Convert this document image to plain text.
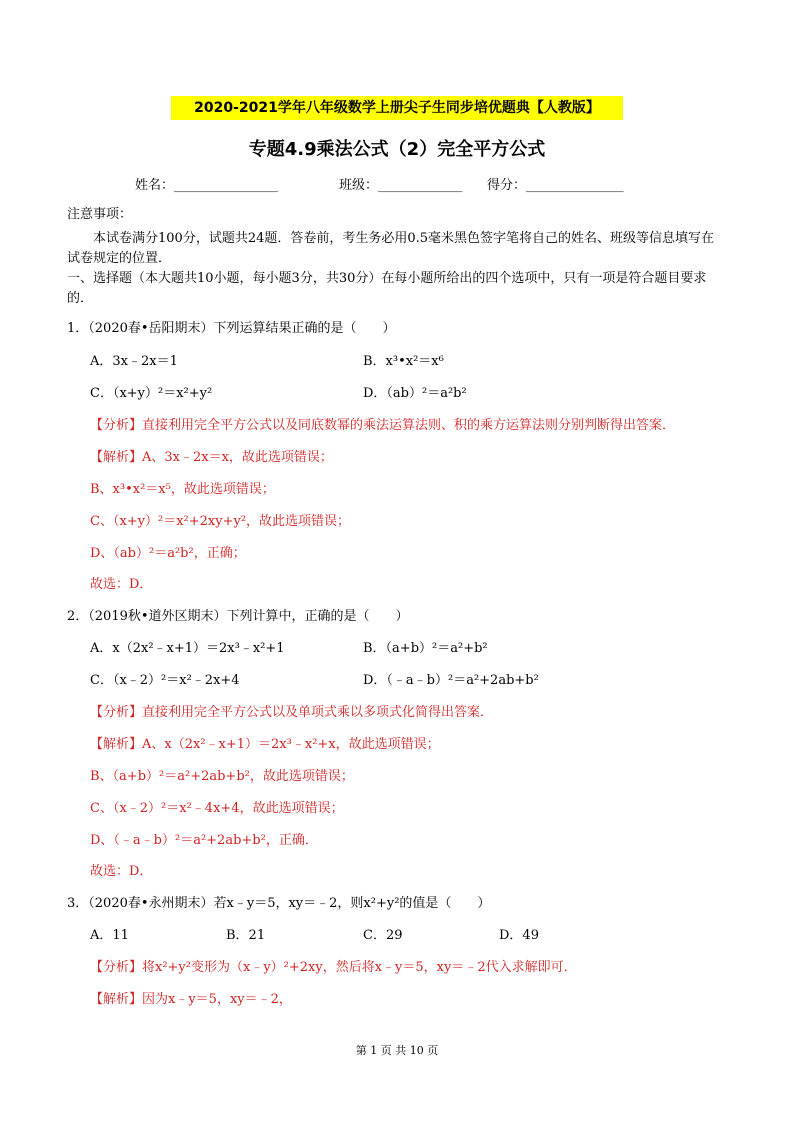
2020-2021学年八年级数学上册尖子生同步培优题典【人教版】
专题4.9乘法公式（2）完全平方公式
姓名：________________	班级：_____________ 得分：_______________
注意事项：
本试卷满分100分，试题共24题．答卷前，考生务必用0.5毫米黑色签字笔将自己的姓名、班级等信息填写在试卷规定的位置．
一、选择题（本大题共10小题，每小题3分，共30分）在每小题所给出的四个选项中，只有一项是符合题目要求的．
1．（2020春•岳阳期末）下列运算结果正确的是（　　）
A．3x﹣2x＝1	B．x³•x²＝x⁶
C．（x+y）²＝x²+y²	D．（ab）²＝a²b²
【分析】直接利用完全平方公式以及同底数幂的乘法运算法则、积的乘方运算法则分别判断得出答案．
【解析】A、3x﹣2x＝x，故此选项错误；
B、x³•x²＝x⁵，故此选项错误；
C、（x+y）²＝x²+2xy+y²，故此选项错误；
D、（ab）²＝a²b²，正确；
故选：D．
2．（2019秋•道外区期末）下列计算中，正确的是（　　）
A．x（2x²﹣x+1）＝2x³﹣x²+1	B．（a+b）²＝a²+b²
C．（x﹣2）²＝x²﹣2x+4	D．（﹣a﹣b）²＝a²+2ab+b²
【分析】直接利用完全平方公式以及单项式乘以多项式化简得出答案．
【解析】A、x（2x²﹣x+1）＝2x³﹣x²+x，故此选项错误；
B、（a+b）²＝a²+2ab+b²，故此选项错误；
C、（x﹣2）²＝x²﹣4x+4，故此选项错误；
D、（﹣a﹣b）²＝a²+2ab+b²，正确．
故选：D．
3．（2020春•永州期末）若x﹣y＝5，xy＝﹣2，则x²+y²的值是（　　）
A．11	B．21	C．29	D．49
【分析】将x²+y²变形为（x﹣y）²+2xy，然后将x﹣y＝5，xy＝﹣2代入求解即可．
【解析】因为x﹣y＝5，xy＝﹣2，
第 1 页 共 10 页
